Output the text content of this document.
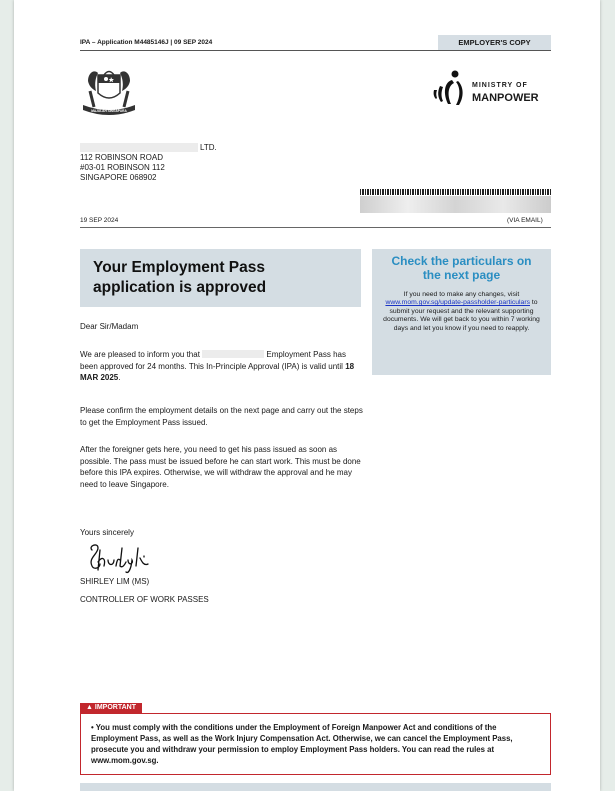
IPA – Application M4485146J | 09 SEP 2024	EMPLOYER'S COPY
MAJULAH SINGAPURA
MINISTRY OF
MANPOWER
LTD.
112 ROBINSON ROAD
#03-01 ROBINSON 112
SINGAPORE 068902
19 SEP 2024	(VIA EMAIL)
Your Employment Pass
application is approved
Check the particulars on
the next page
If you need to make any changes, visit www.mom.gov.sg/update-passholder-particulars to submit your request and the relevant supporting documents. We will get back to you within 7 working days and let you know if you need to reapply.
Dear Sir/Madam
We are pleased to inform you that	Employment Pass has been approved for 24 months. This In-Principle Approval (IPA) is valid until 18 MAR 2025.
Please confirm the employment details on the next page and carry out the steps to get the Employment Pass issued.
After the foreigner gets here, you need to get his pass issued as soon as possible. The pass must be issued before he can start work. This must be done before this IPA expires. Otherwise, we will withdraw the approval and he may need to leave Singapore.
Yours sincerely
SHIRLEY LIM (MS)
CONTROLLER OF WORK PASSES
▲ IMPORTANT

• You must comply with the conditions under the Employment of Foreign Manpower Act and conditions of the Employment Pass, as well as the Work Injury Compensation Act. Otherwise, we can cancel the Employment Pass, prosecute you and withdraw your permission to employ Employment Pass holders. You can read the rules at www.mom.gov.sg.
